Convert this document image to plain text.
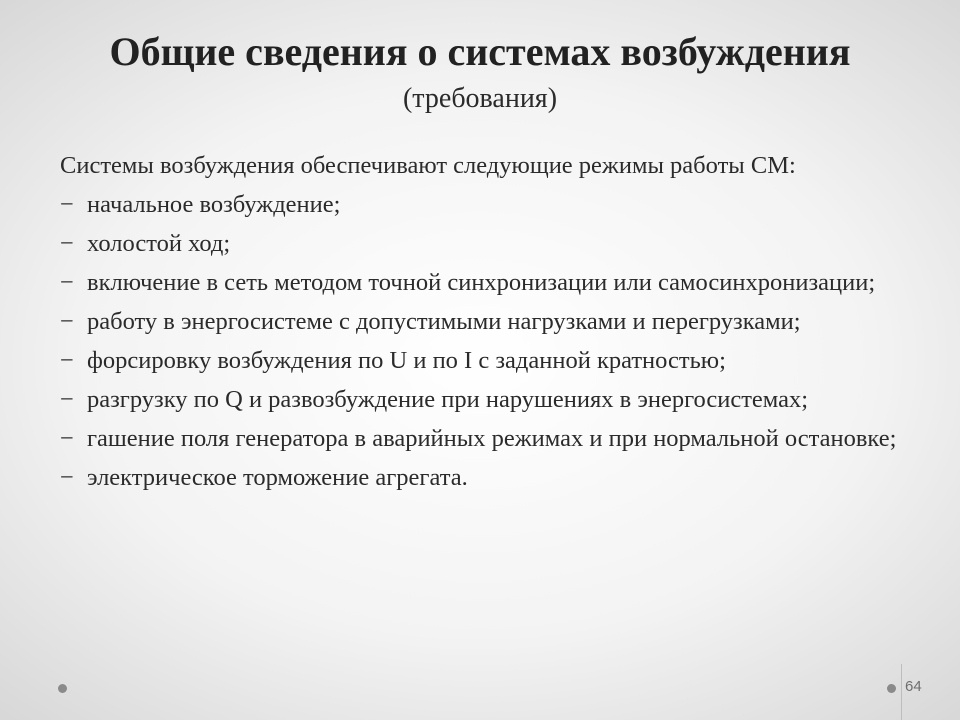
Общие сведения о системах возбуждения
(требования)

Системы возбуждения обеспечивают следующие режимы работы СМ:

− начальное возбуждение;
− холостой ход;
− включение в сеть методом точной синхронизации или самосинхронизации;
− работу в энергосистеме с допустимыми нагрузками и перегрузками;
− форсировку возбуждения по U и по I с заданной кратностью;
− разгрузку по Q и развозбуждение при нарушениях в энергосистемах;
− гашение поля генератора в аварийных режимах и при нормальной остановке;
− электрическое торможение агрегата.
64
